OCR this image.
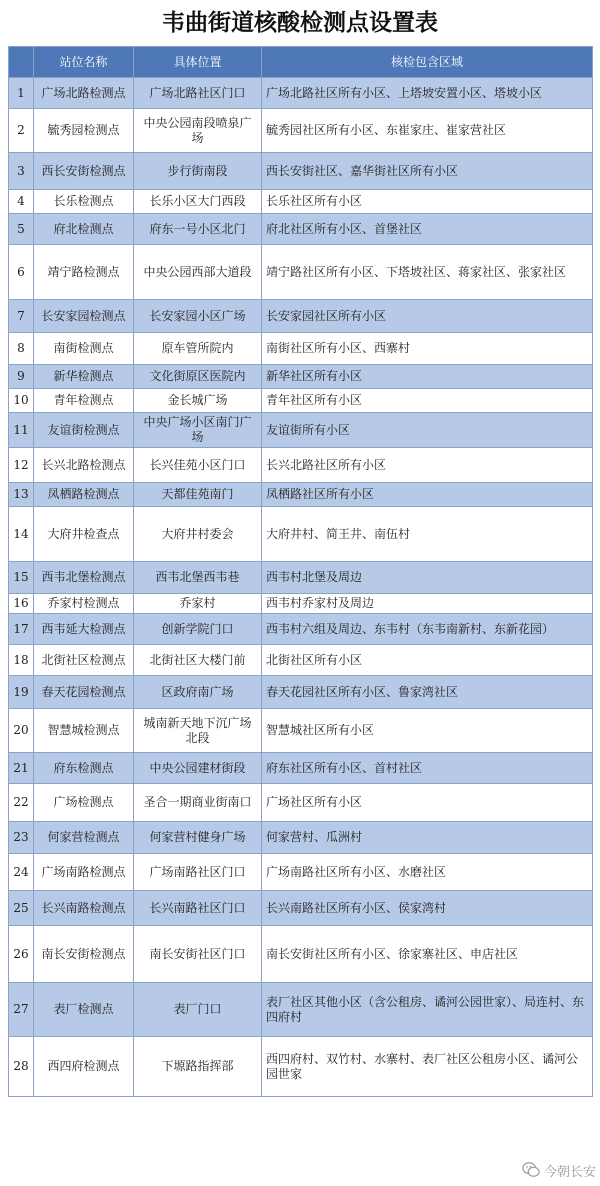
韦曲街道核酸检测点设置表
	站位名称	具体位置	核检包含区域
1	广场北路检测点	广场北路社区门口	广场北路社区所有小区、上塔坡安置小区、塔坡小区
2	毓秀园检测点	中央公园南段喷泉广场	毓秀园社区所有小区、东崔家庄、崔家营社区
3	西长安街检测点	步行街南段	西长安街社区、嘉华街社区所有小区
4	长乐检测点	长乐小区大门西段	长乐社区所有小区
5	府北检测点	府东一号小区北门	府北社区所有小区、首堡社区
6	靖宁路检测点	中央公园西部大道段	靖宁路社区所有小区、下塔坡社区、蒋家社区、张家社区
7	长安家园检测点	长安家园小区广场	长安家园社区所有小区
8	南街检测点	原车管所院内	南街社区所有小区、西寨村
9	新华检测点	文化街原区医院内	新华社区所有小区
10	青年检测点	金长城广场	青年社区所有小区
11	友谊街检测点	中央广场小区南门广场	友谊街所有小区
12	长兴北路检测点	长兴佳苑小区门口	长兴北路社区所有小区
13	凤栖路检测点	天都佳苑南门	凤栖路社区所有小区
14	大府井检查点	大府井村委会	大府井村、简王井、南伍村
15	西韦北堡检测点	西韦北堡西韦巷	西韦村北堡及周边
16	乔家村检测点	乔家村	西韦村乔家村及周边
17	西韦延大检测点	创新学院门口	西韦村六组及周边、东韦村（东韦南新村、东新花园）
18	北街社区检测点	北街社区大楼门前	北街社区所有小区
19	春天花园检测点	区政府南广场	春天花园社区所有小区、鲁家湾社区
20	智慧城检测点	城南新天地下沉广场北段	智慧城社区所有小区
21	府东检测点	中央公园建材街段	府东社区所有小区、首村社区
22	广场检测点	圣合一期商业街南口	广场社区所有小区
23	何家营检测点	何家营村健身广场	何家营村、瓜洲村
24	广场南路检测点	广场南路社区门口	广场南路社区所有小区、水磨社区
25	长兴南路检测点	长兴南路社区门口	长兴南路社区所有小区、侯家湾村
26	南长安街检测点	南长安街社区门口	南长安街社区所有小区、徐家寨社区、申店社区
27	表厂检测点	表厂门口	表厂社区其他小区（含公租房、谲河公园世家）、局连村、东四府村
28	西四府检测点	下塬路指挥部	西四府村、双竹村、水寨村、表厂社区公租房小区、谲河公园世家
今朝长安
